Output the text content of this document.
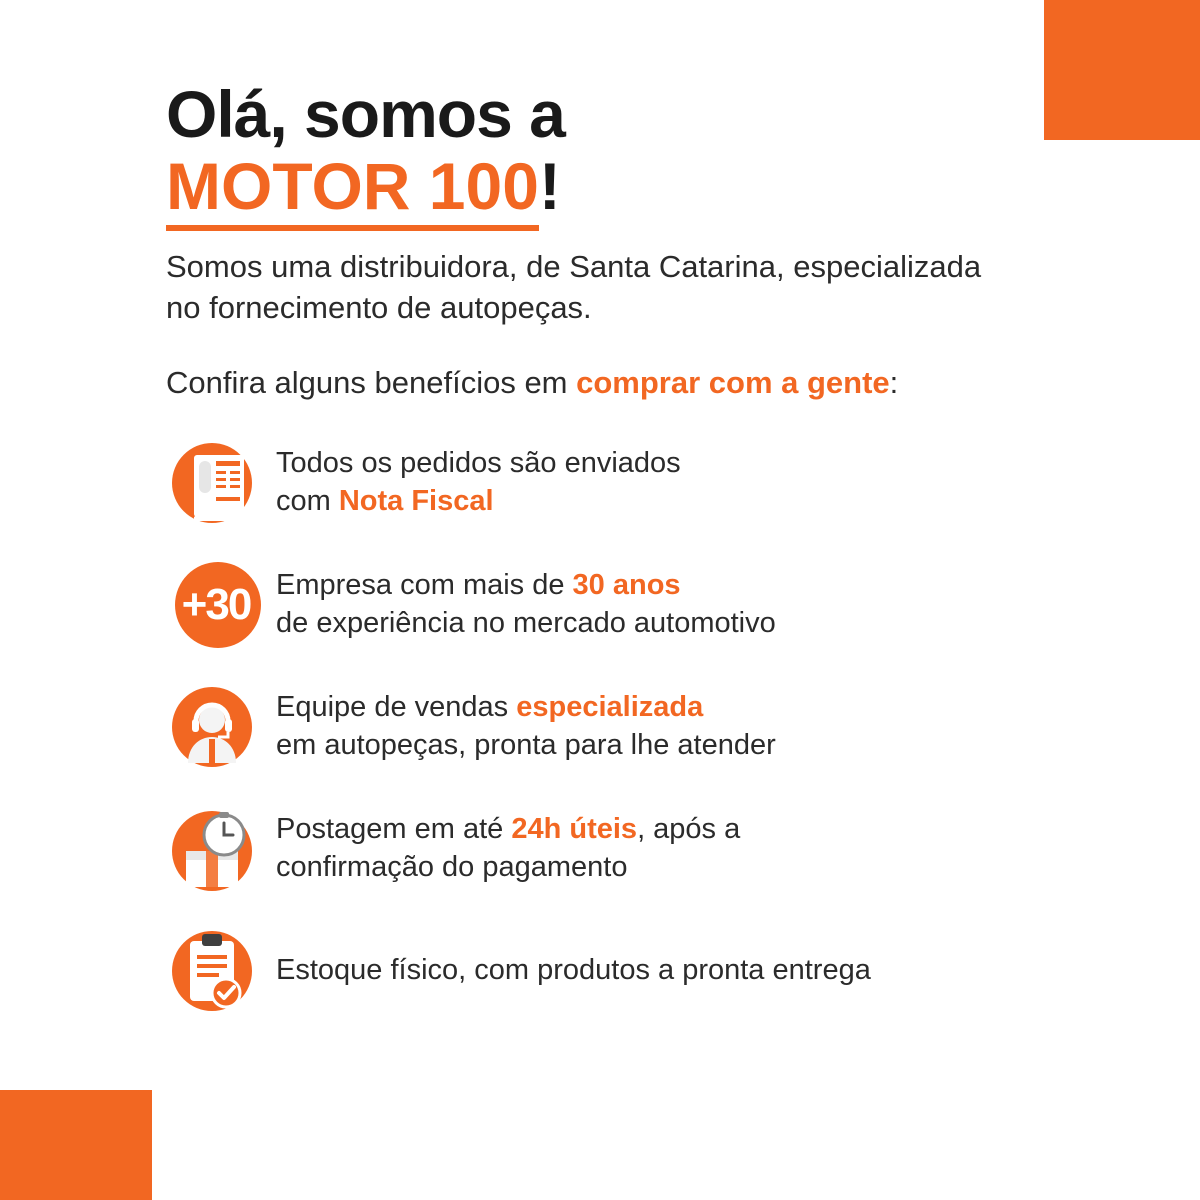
Olá, somos a
MOTOR 100!

Somos uma distribuidora, de Santa Catarina, especializada no fornecimento de autopeças.

Confira alguns benefícios em comprar com a gente:

Todos os pedidos são enviados
com Nota Fiscal
+30 Empresa com mais de 30 anos
de experiência no mercado automotivo
Equipe de vendas especializada
em autopeças, pronta para lhe atender
Postagem em até 24h úteis, após a
confirmação do pagamento
Estoque físico, com produtos a pronta entrega
